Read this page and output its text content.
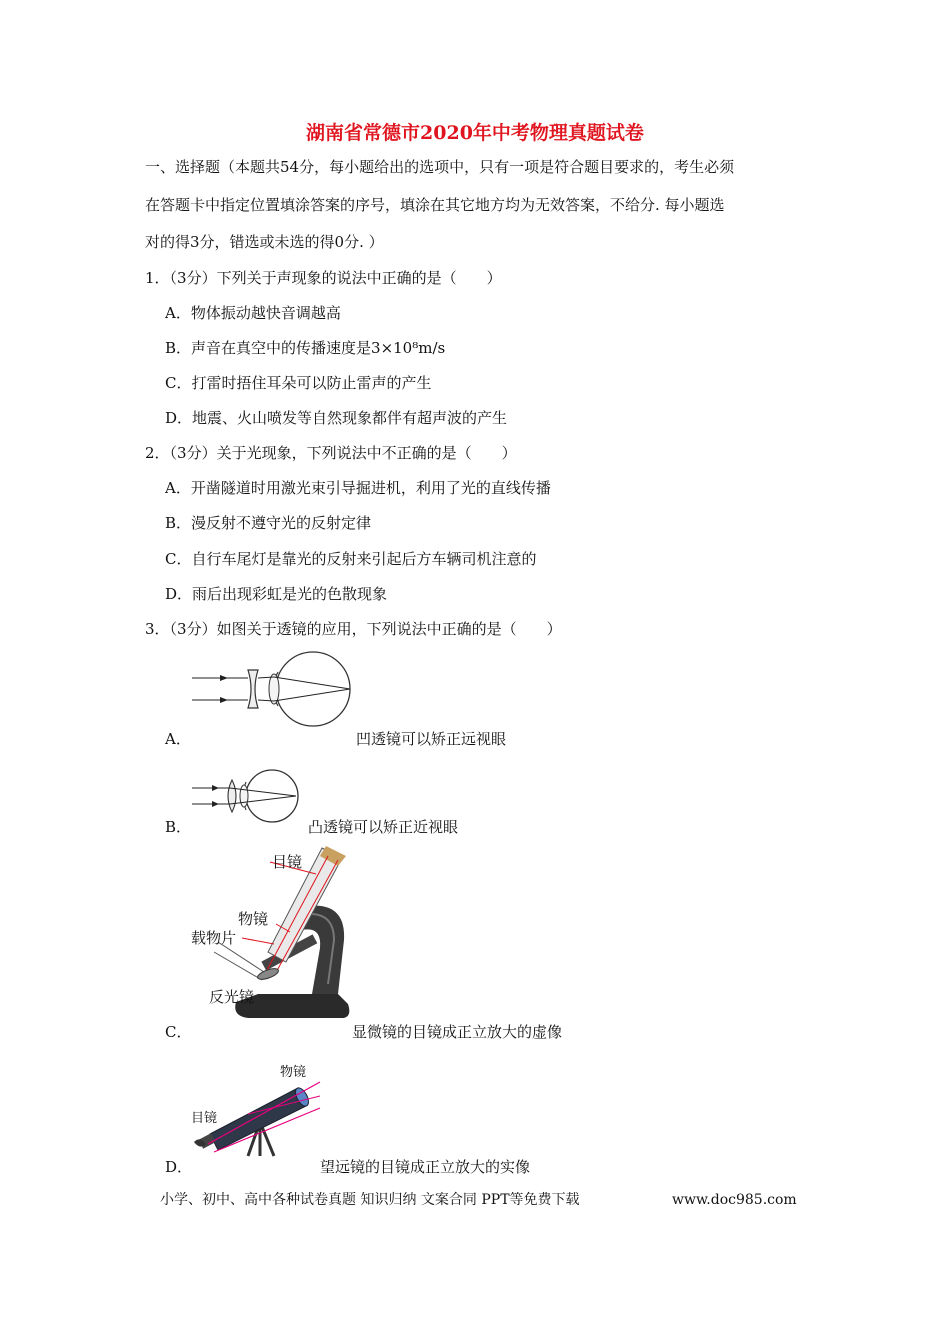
湖南省常德市2020年中考物理真题试卷
一、选择题（本题共54分，每小题给出的选项中，只有一项是符合题目要求的，考生必须
在答题卡中指定位置填涂答案的序号，填涂在其它地方均为无效答案，不给分. 每小题选
对的得3分，错选或未选的得0分. ）
1．（3分）下列关于声现象的说法中正确的是（　　）
A．物体振动越快音调越高
B．声音在真空中的传播速度是3×10⁸m/s
C．打雷时捂住耳朵可以防止雷声的产生
D．地震、火山喷发等自然现象都伴有超声波的产生
2．（3分）关于光现象，下列说法中不正确的是（　　）
A．开凿隧道时用激光束引导掘进机，利用了光的直线传播
B．漫反射不遵守光的反射定律
C．自行车尾灯是靠光的反射来引起后方车辆司机注意的
D．雨后出现彩虹是光的色散现象
3．（3分）如图关于透镜的应用，下列说法中正确的是（　　）
A．	凹透镜可以矫正远视眼
B．	凸透镜可以矫正近视眼
目镜
物镜
载物片
反光镜
C．	显微镜的目镜成正立放大的虚像
物镜
目镜
D．	望远镜的目镜成正立放大的实像
小学、初中、高中各种试卷真题 知识归纳 文案合同 PPT等免费下载	www.doc985.com
